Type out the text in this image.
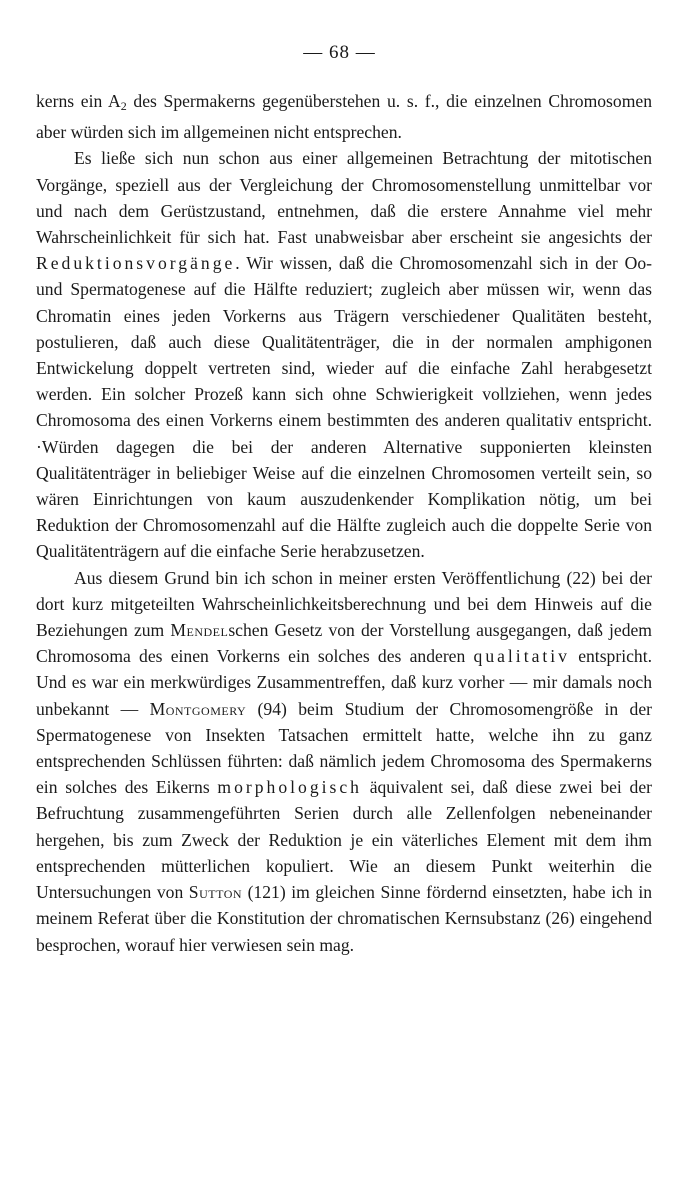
— 68 —

kerns ein $A_2$ des Spermakerns gegenüberstehen u. s. f., die einzelnen Chromosomen aber würden sich im allgemeinen nicht entsprechen.

Es ließe sich nun schon aus einer allgemeinen Betrachtung der mitotischen Vorgänge, speziell aus der Vergleichung der Chromosomenstellung unmittelbar vor und nach dem Gerüstzustand, entnehmen, daß die erstere Annahme viel mehr Wahrscheinlichkeit für sich hat. Fast unabweisbar aber erscheint sie angesichts der Reduktionsvorgänge. Wir wissen, daß die Chromosomenzahl sich in der Oo- und Spermatogenese auf die Hälfte reduziert; zugleich aber müssen wir, wenn das Chromatin eines jeden Vorkerns aus Trägern verschiedener Qualitäten besteht, postulieren, daß auch diese Qualitätenträger, die in der normalen amphigonen Entwickelung doppelt vertreten sind, wieder auf die einfache Zahl herabgesetzt werden. Ein solcher Prozeß kann sich ohne Schwierigkeit vollziehen, wenn jedes Chromosoma des einen Vorkerns einem bestimmten des anderen qualitativ entspricht. ·Würden dagegen die bei der anderen Alternative supponierten kleinsten Qualitätenträger in beliebiger Weise auf die einzelnen Chromosomen verteilt sein, so wären Einrichtungen von kaum auszudenkender Komplikation nötig, um bei Reduktion der Chromosomenzahl auf die Hälfte zugleich auch die doppelte Serie von Qualitätenträgern auf die einfache Serie herabzusetzen.

Aus diesem Grund bin ich schon in meiner ersten Veröffentlichung (22) bei der dort kurz mitgeteilten Wahrscheinlichkeitsberechnung und bei dem Hinweis auf die Beziehungen zum Mendelschen Gesetz von der Vorstellung ausgegangen, daß jedem Chromosoma des einen Vorkerns ein solches des anderen qualitativ entspricht. Und es war ein merkwürdiges Zusammentreffen, daß kurz vorher — mir damals noch unbekannt — Montgomery (94) beim Studium der Chromosomengröße in der Spermatogenese von Insekten Tatsachen ermittelt hatte, welche ihn zu ganz entsprechenden Schlüssen führten: daß nämlich jedem Chromosoma des Spermakerns ein solches des Eikerns morphologisch äquivalent sei, daß diese zwei bei der Befruchtung zusammengeführten Serien durch alle Zellenfolgen nebeneinander hergehen, bis zum Zweck der Reduktion je ein väterliches Element mit dem ihm entsprechenden mütterlichen kopuliert. Wie an diesem Punkt weiterhin die Untersuchungen von Sutton (121) im gleichen Sinne fördernd einsetzten, habe ich in meinem Referat über die Konstitution der chromatischen Kernsubstanz (26) eingehend besprochen, worauf hier verwiesen sein mag.
